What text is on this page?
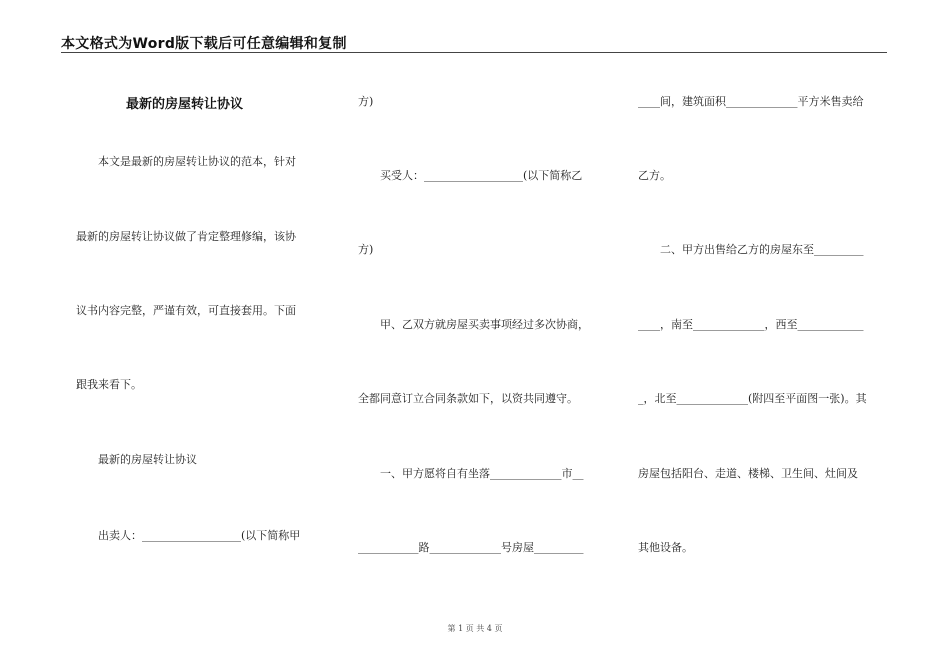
本文格式为Word版下载后可任意编辑和复制
最新的房屋转让协议
　　本文是最新的房屋转让协议的范本，针对
最新的房屋转让协议做了肯定整理修编，该协
议书内容完整，严谨有效，可直接套用。下面
跟我来看下。
　　最新的房屋转让协议
　　出卖人：__________________(以下简称甲
方)
　　买受人：__________________(以下简称乙
方)
　　甲、乙双方就房屋买卖事项经过多次协商，
全都同意订立合同条款如下，以资共同遵守。
　　一、甲方愿将自有坐落_____________市__
___________路_____________号房屋_________
____间，建筑面积_____________平方米售卖给
乙方。
　　二、甲方出售给乙方的房屋东至_________
____，南至_____________，西至____________
_，北至_____________(附四至平面图一张)。其
房屋包括阳台、走道、楼梯、卫生间、灶间及
其他设备。
第 1 页 共 4 页
